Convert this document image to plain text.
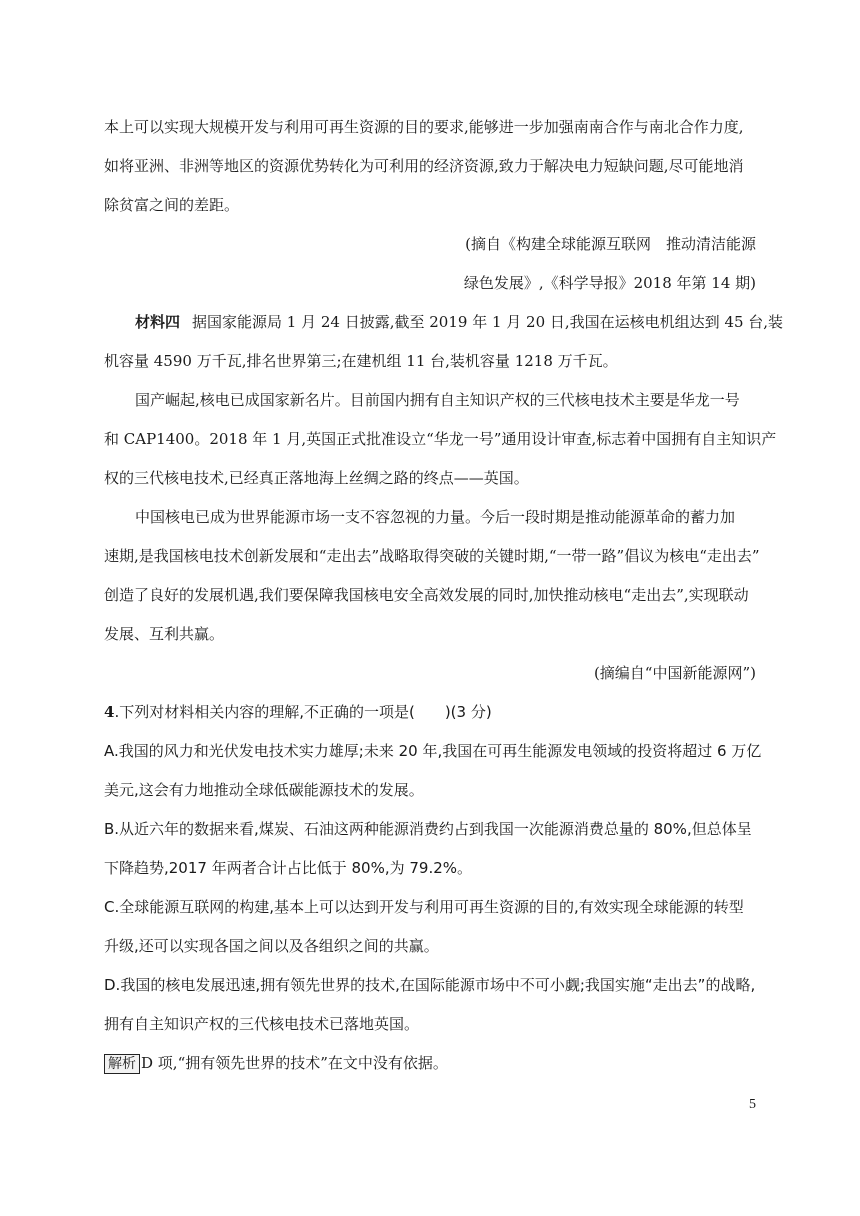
本上可以实现大规模开发与利用可再生资源的目的要求,能够进一步加强南南合作与南北合作力度,
如将亚洲、非洲等地区的资源优势转化为可利用的经济资源,致力于解决电力短缺问题,尽可能地消
除贫富之间的差距。
(摘自《构建全球能源互联网　推动清洁能源
绿色发展》,《科学导报》2018 年第 14 期)
材料四 据国家能源局 1 月 24 日披露,截至 2019 年 1 月 20 日,我国在运核电机组达到 45 台,装
机容量 4590 万千瓦,排名世界第三;在建机组 11 台,装机容量 1218 万千瓦。
国产崛起,核电已成国家新名片。目前国内拥有自主知识产权的三代核电技术主要是华龙一号
和 CAP1400。2018 年 1 月,英国正式批准设立“华龙一号”通用设计审查,标志着中国拥有自主知识产
权的三代核电技术,已经真正落地海上丝绸之路的终点——英国。
中国核电已成为世界能源市场一支不容忽视的力量。今后一段时期是推动能源革命的蓄力加
速期,是我国核电技术创新发展和“走出去”战略取得突破的关键时期,“一带一路”倡议为核电“走出去”
创造了良好的发展机遇,我们要保障我国核电安全高效发展的同时,加快推动核电“走出去”,实现联动
发展、互利共赢。
(摘编自“中国新能源网”)
4.下列对材料相关内容的理解,不正确的一项是(　　)(3 分)
A.我国的风力和光伏发电技术实力雄厚;未来 20 年,我国在可再生能源发电领域的投资将超过 6 万亿
美元,这会有力地推动全球低碳能源技术的发展。
B.从近六年的数据来看,煤炭、石油这两种能源消费约占到我国一次能源消费总量的 80%,但总体呈
下降趋势,2017 年两者合计占比低于 80%,为 79.2%。
C.全球能源互联网的构建,基本上可以达到开发与利用可再生资源的目的,有效实现全球能源的转型
升级,还可以实现各国之间以及各组织之间的共赢。
D.我国的核电发展迅速,拥有领先世界的技术,在国际能源市场中不可小觑;我国实施“走出去”的战略,
拥有自主知识产权的三代核电技术已落地英国。
解析 D 项,“拥有领先世界的技术”在文中没有依据。
5
